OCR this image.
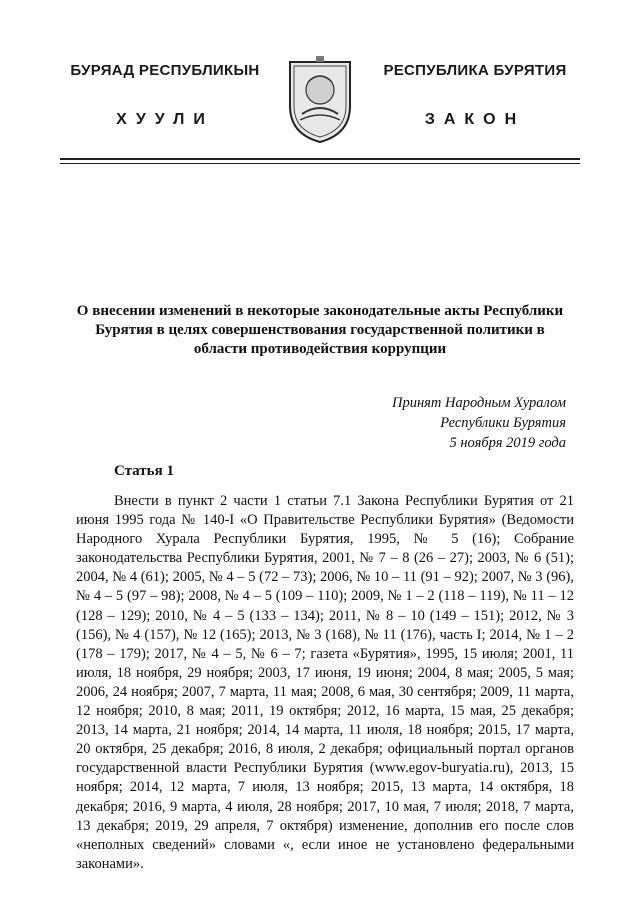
БУРЯАД РЕСПУБЛИКЫН
ХУУЛИ
РЕСПУБЛИКА БУРЯТИЯ
ЗАКОН
О внесении изменений в некоторые законодательные акты Республики Бурятия в целях совершенствования государственной политики в области противодействия коррупции
Принят Народным Хуралом
Республики Бурятия
5 ноября 2019 года
Статья 1

Внести в пункт 2 части 1 статьи 7.1 Закона Республики Бурятия от 21 июня 1995 года № 140-I «О Правительстве Республики Бурятия» (Ведомости Народного Хурала Республики Бурятия, 1995, № 5 (16); Собрание законодательства Республики Бурятия, 2001, № 7 – 8 (26 – 27); 2003, № 6 (51); 2004, № 4 (61); 2005, № 4 – 5 (72 – 73); 2006, № 10 – 11 (91 – 92); 2007, № 3 (96), № 4 – 5 (97 – 98); 2008, № 4 – 5 (109 – 110); 2009, № 1 – 2 (118 – 119), № 11 – 12 (128 – 129); 2010, № 4 – 5 (133 – 134); 2011, № 8 – 10 (149 – 151); 2012, № 3 (156), № 4 (157), № 12 (165); 2013, № 3 (168), № 11 (176), часть I; 2014, № 1 – 2 (178 – 179); 2017, № 4 – 5, № 6 – 7; газета «Бурятия», 1995, 15 июля; 2001, 11 июля, 18 ноября, 29 ноября; 2003, 17 июня, 19 июня; 2004, 8 мая; 2005, 5 мая; 2006, 24 ноября; 2007, 7 марта, 11 мая; 2008, 6 мая, 30 сентября; 2009, 11 марта, 12 ноября; 2010, 8 мая; 2011, 19 октября; 2012, 16 марта, 15 мая, 25 декабря; 2013, 14 марта, 21 ноября; 2014, 14 марта, 11 июля, 18 ноября; 2015, 17 марта, 20 октября, 25 декабря; 2016, 8 июля, 2 декабря; официальный портал органов государственной власти Республики Бурятия (www.egov-buryatia.ru), 2013, 15 ноября; 2014, 12 марта, 7 июля, 13 ноября; 2015, 13 марта, 14 октября, 18 декабря; 2016, 9 марта, 4 июля, 28 ноября; 2017, 10 мая, 7 июля; 2018, 7 марта, 13 декабря; 2019, 29 апреля, 7 октября) изменение, дополнив его после слов «неполных сведений» словами «, если иное не установлено федеральными законами».
